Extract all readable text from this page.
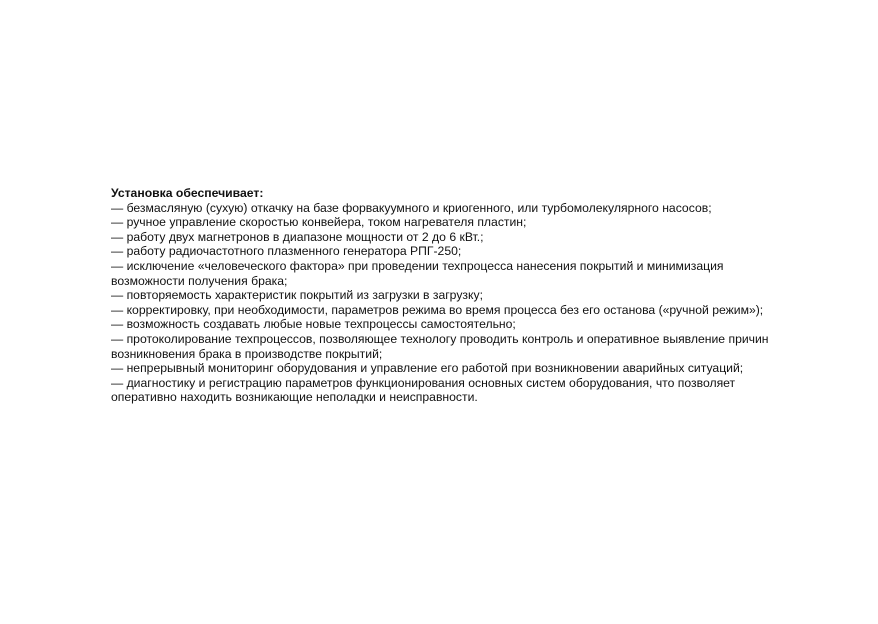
Установка обеспечивает:

— безмасляную (сухую) откачку на базе форвакуумного и криогенного, или турбомолекулярного насосов;
— ручное управление скоростью конвейера, током нагревателя пластин;
— работу двух магнетронов в диапазоне мощности от 2 до 6 кВт.;
— работу радиочастотного плазменного генератора РПГ-250;
— исключение «человеческого фактора» при проведении техпроцесса нанесения покрытий и минимизация возможности получения брака;
— повторяемость характеристик покрытий из загрузки в загрузку;
— корректировку, при необходимости, параметров режима во время процесса без его останова («ручной режим»);
— возможность создавать любые новые техпроцессы самостоятельно;
— протоколирование техпроцессов, позволяющее технологу проводить контроль и оперативное выявление причин возникновения брака в производстве покрытий;
— непрерывный мониторинг оборудования и управление его работой при возникновении аварийных ситуаций;
— диагностику и регистрацию параметров функционирования основных систем оборудования, что позволяет оперативно находить возникающие неполадки и неисправности.
